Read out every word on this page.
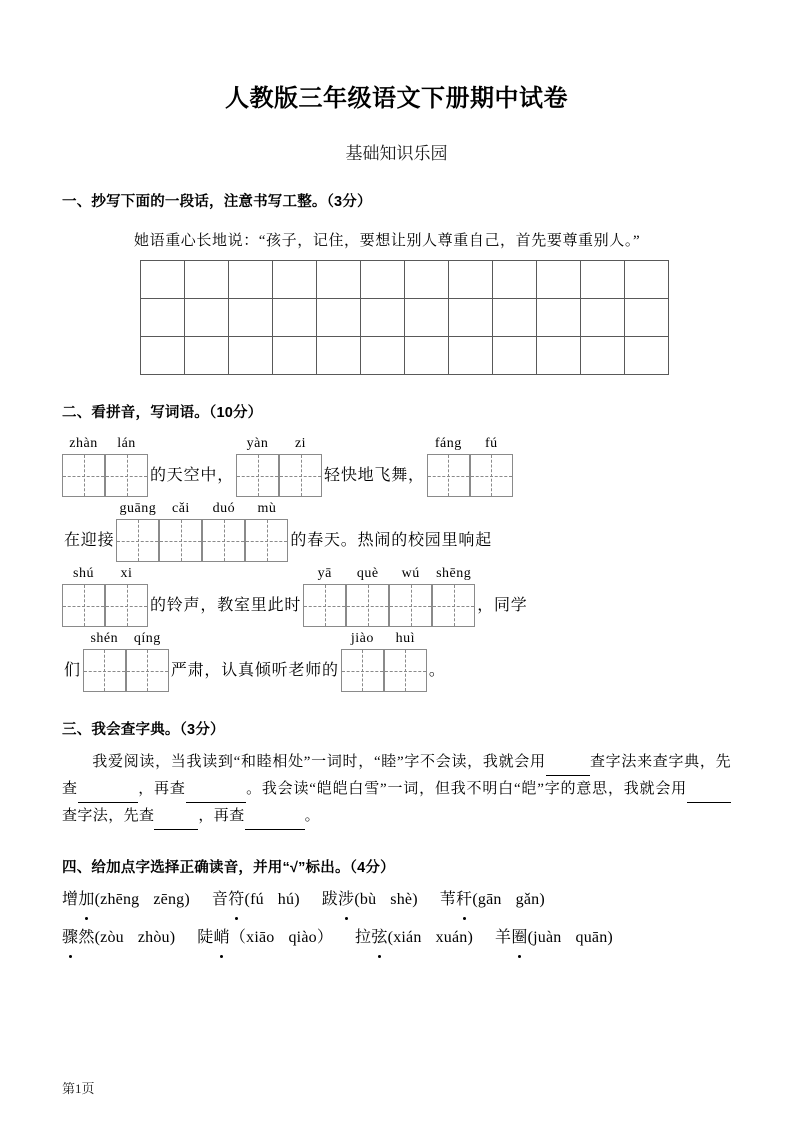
人教版三年级语文下册期中试卷
基础知识乐园
一、抄写下面的一段话，注意书写工整。（3分）
她语重心长地说：“孩子，记住，要想让别人尊重自己，首先要尊重别人。”

二、看拼音，写词语。（10分）
zhàn lán
的天空中，
yàn zi
轻快地飞舞，
fáng fú
在迎接
guāng cǎi duó mù
的春天。热闹的校园里响起
shú xi
的铃声，教室里此时
yā què wú shēng
，同学
们
shén qíng
严肃，认真倾听老师的
jiào huì
。
三、我会查字典。（3分）
我爱阅读，当我读到“和睦相处”一词时，“睦”字不会读，我就会用	查字法来查字典，先查	，再查	。我会读“皑皑白雪”一词，但我不明白“皑”字的意思，我就会用查字法，先查	，再查	。
四、给加点字选择正确读音，并用“√”标出。（4分）
增加(zhēng zēng) 音符(fú hú) 跋涉(bù shè) 苇秆(gān gǎn)
骤然(zòu zhòu) 陡峭（xiāo qiào） 拉弦(xián xuán) 羊圈(juàn quān)
第1页
